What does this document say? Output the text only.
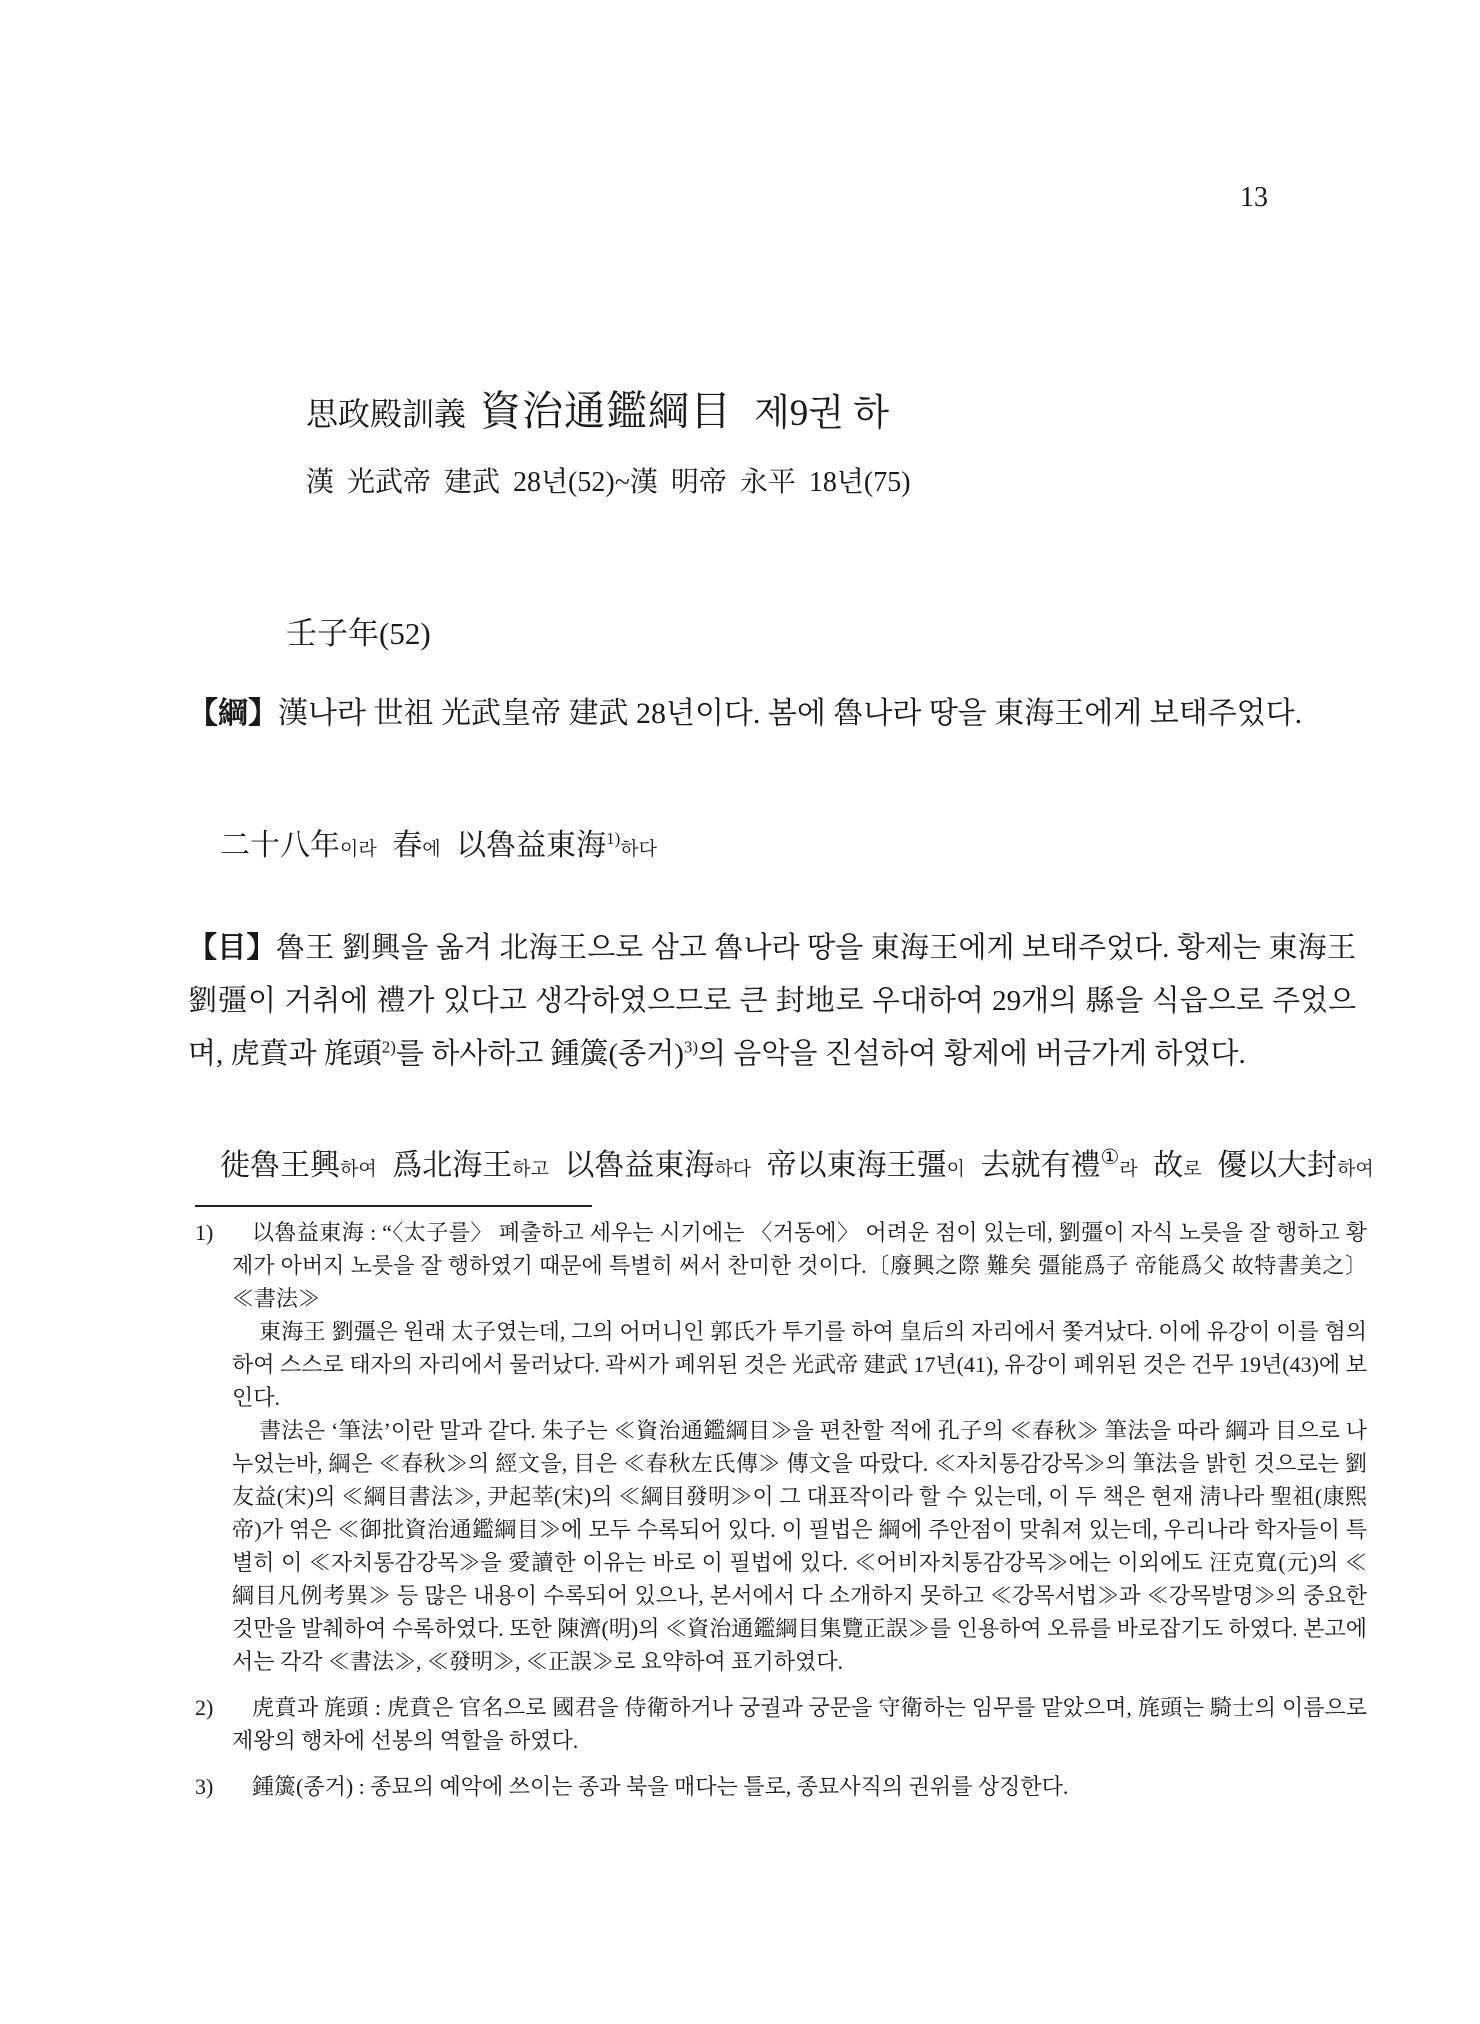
13
思政殿訓義 資治通鑑綱目 제9권 하
漢 光武帝 建武 28년(52)~漢 明帝 永平 18년(75)
壬子年(52)

【綱】漢나라 世祖 光武皇帝 建武 28년이다. 봄에 魯나라 땅을 東海王에게 보태주었다.

二十八年이라 春에 以魯益東海$^{1)}$하다

【目】魯王 劉興을 옮겨 北海王으로 삼고 魯나라 땅을 東海王에게 보태주었다. 황제는 東海王 劉彊이 거취에 禮가 있다고 생각하였으므로 큰 封地로 우대하여 29개의 縣을 식읍으로 주었으며, 虎賁과 旄頭$^{2)}$를 하사하고 鍾簴(종거)$^{3)}$의 음악을 진설하여 황제에 버금가게 하였다.

徙魯王興하여 爲北海王하고 以魯益東海하다 帝以東海王彊이 去就有禮①라 故로 優以大封하여

1)	以魯益東海 : “〈太子를〉 폐출하고 세우는 시기에는 〈거동에〉 어려운 점이 있는데, 劉彊이 자식 노릇을 잘 행하고 황제가 아버지 노릇을 잘 행하였기 때문에 특별히 써서 찬미한 것이다.〔廢興之際 難矣 彊能爲子 帝能爲父 故特書美之〕 ≪書法≫

東海王 劉彊은 원래 太子였는데, 그의 어머니인 郭氏가 투기를 하여 皇后의 자리에서 쫓겨났다. 이에 유강이 이를 혐의하여 스스로 태자의 자리에서 물러났다. 곽씨가 폐위된 것은 光武帝 建武 17년(41), 유강이 폐위된 것은 건무 19년(43)에 보인다.

書法은 ‘筆法’이란 말과 같다. 朱子는 ≪資治通鑑綱目≫을 편찬할 적에 孔子의 ≪春秋≫ 筆法을 따라 綱과 目으로 나누었는바, 綱은 ≪春秋≫의 經文을, 目은 ≪春秋左氏傳≫ 傳文을 따랐다. ≪자치통감강목≫의 筆法을 밝힌 것으로는 劉友益(宋)의 ≪綱目書法≫, 尹起莘(宋)의 ≪綱目發明≫이 그 대표작이라 할 수 있는데, 이 두 책은 현재 淸나라 聖祖(康熙帝)가 엮은 ≪御批資治通鑑綱目≫에 모두 수록되어 있다. 이 필법은 綱에 주안점이 맞춰져 있는데, 우리나라 학자들이 특별히 이 ≪자치통감강목≫을 愛讀한 이유는 바로 이 필법에 있다. ≪어비자치통감강목≫에는 이외에도 汪克寬(元)의 ≪綱目凡例考異≫ 등 많은 내용이 수록되어 있으나, 본서에서 다 소개하지 못하고 ≪강목서법≫과 ≪강목발명≫의 중요한 것만을 발췌하여 수록하였다. 또한 陳濟(明)의 ≪資治通鑑綱目集覽正誤≫를 인용하여 오류를 바로잡기도 하였다. 본고에서는 각각 ≪書法≫, ≪發明≫, ≪正誤≫로 요약하여 표기하였다.

2)	虎賁과 旄頭 : 虎賁은 官名으로 國君을 侍衛하거나 궁궐과 궁문을 守衛하는 임무를 맡았으며, 旄頭는 騎士의 이름으로 제왕의 행차에 선봉의 역할을 하였다.

3)	鍾簴(종거) : 종묘의 예악에 쓰이는 종과 북을 매다는 틀로, 종묘사직의 권위를 상징한다.
